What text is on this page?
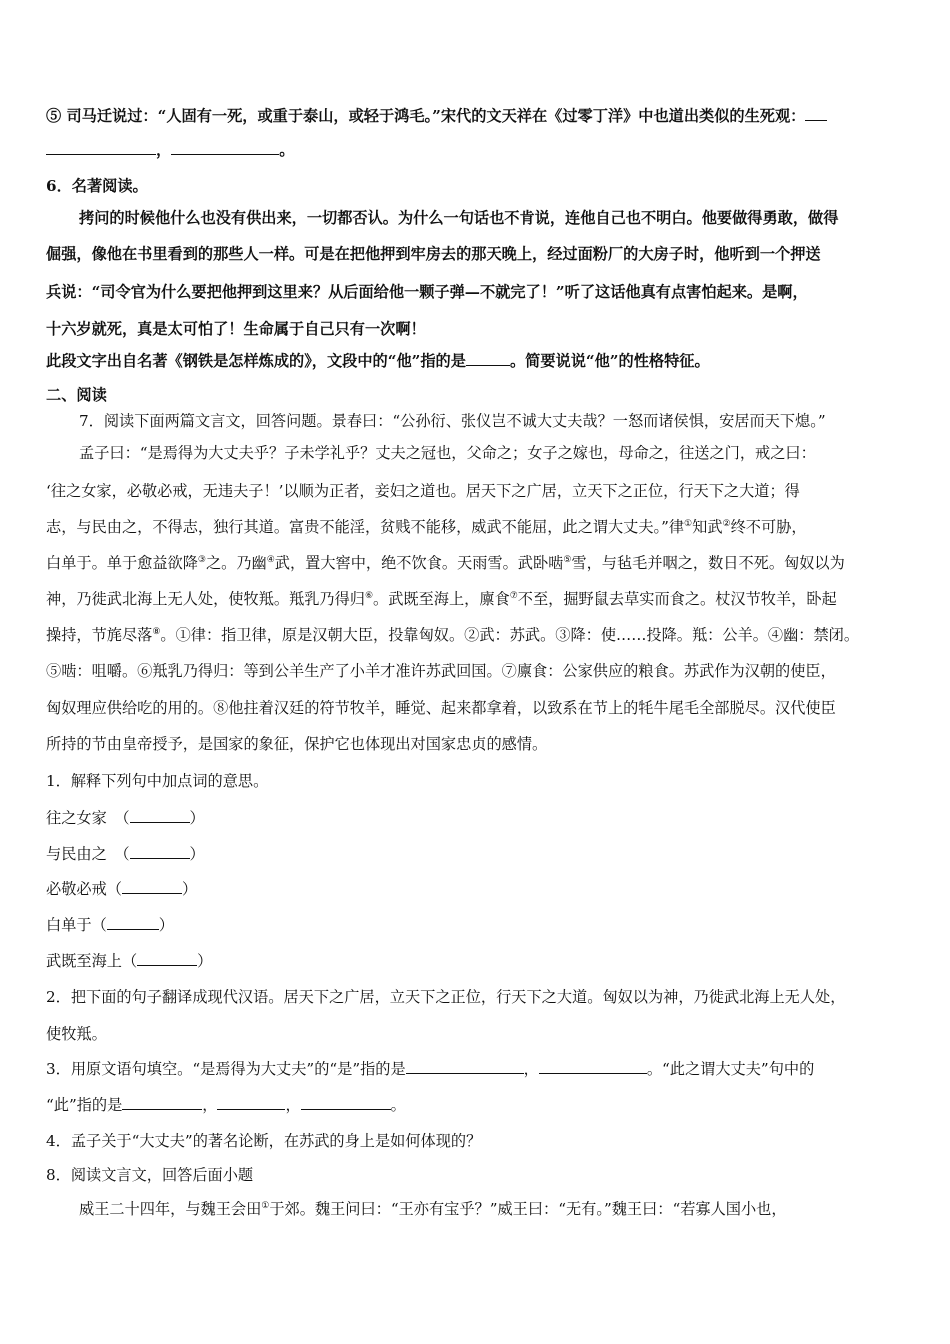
⑤ 司马迁说过：“人固有一死，或重于泰山，或轻于鸿毛。”宋代的文天祥在《过零丁洋》中也道出类似的生死观：
，	。
6．名著阅读。
拷问的时候他什么也没有供出来，一切都否认。为什么一句话也不肯说，连他自己也不明白。他要做得勇敢，做得
倔强，像他在书里看到的那些人一样。可是在把他押到牢房去的那天晚上，经过面粉厂的大房子时，他听到一个押送
兵说：“司令官为什么要把他押到这里来？从后面给他一颗子弹—不就完了！”听了这话他真有点害怕起来。是啊，
十六岁就死，真是太可怕了！生命属于自己只有一次啊！
此段文字出自名著《钢铁是怎样炼成的》，文段中的“他”指的是	。简要说说“他”的性格特征。
二、阅读
7．阅读下面两篇文言文，回答问题。景春曰：“公孙衍、张仪岂不诚大丈夫哉？一怒而诸侯惧，安居而天下熄。”
孟子曰：“是焉得为大丈夫乎？子未学礼乎？丈夫之冠也，父命之；女子之嫁也，母命之，往送之门，戒之曰：
‘往之女家，必敬必戒，无违夫子！’以顺为正者，妾妇之道也。居天下之广居，立天下之正位，行天下之大道；得
志，与民由之，不得志，独行其道。富贵不能淫，贫贱不能移，威武不能屈，此之谓大丈夫。”律①知武②终不可胁，
白单于。单于愈益欲降③之。乃幽④武，置大窖中，绝不饮食。天雨雪。武卧啮⑤雪，与毡毛并咽之，数日不死。匈奴以为
神，乃徙武北海上无人处，使牧羝。羝乳乃得归⑥。武既至海上，廪食⑦不至，掘野鼠去草实而食之。杖汉节牧羊，卧起
操持，节旄尽落⑧。①律：指卫律，原是汉朝大臣，投靠匈奴。②武：苏武。③降：使……投降。羝：公羊。④幽：禁闭。
⑤啮：咀嚼。⑥羝乳乃得归：等到公羊生产了小羊才准许苏武回国。⑦廪食：公家供应的粮食。苏武作为汉朝的使臣，
匈奴理应供给吃的用的。⑧他拄着汉廷的符节牧羊，睡觉、起来都拿着，以致系在节上的牦牛尾毛全部脱尽。汉代使臣
所持的节由皇帝授予，是国家的象征，保护它也体现出对国家忠贞的感情。
1．解释下列句中加点词的意思。
往之女家　（	）
与民由之　（	）
必敬必戒（	）
白单于（	）
武既至海上（	）
2．把下面的句子翻译成现代汉语。居天下之广居，立天下之正位，行天下之大道。匈奴以为神，乃徙武北海上无人处，
使牧羝。
3．用原文语句填空。“是焉得为大丈夫”的“是”指的是	，	。“此之谓大丈夫”句中的
“此”指的是	，	，	。
4．孟子关于“大丈夫”的著名论断，在苏武的身上是如何体现的？
8．阅读文言文，回答后面小题
威王二十四年，与魏王会田①于郊。魏王问曰：“王亦有宝乎？”威王曰：“无有。”魏王曰：“若寡人国小也，
